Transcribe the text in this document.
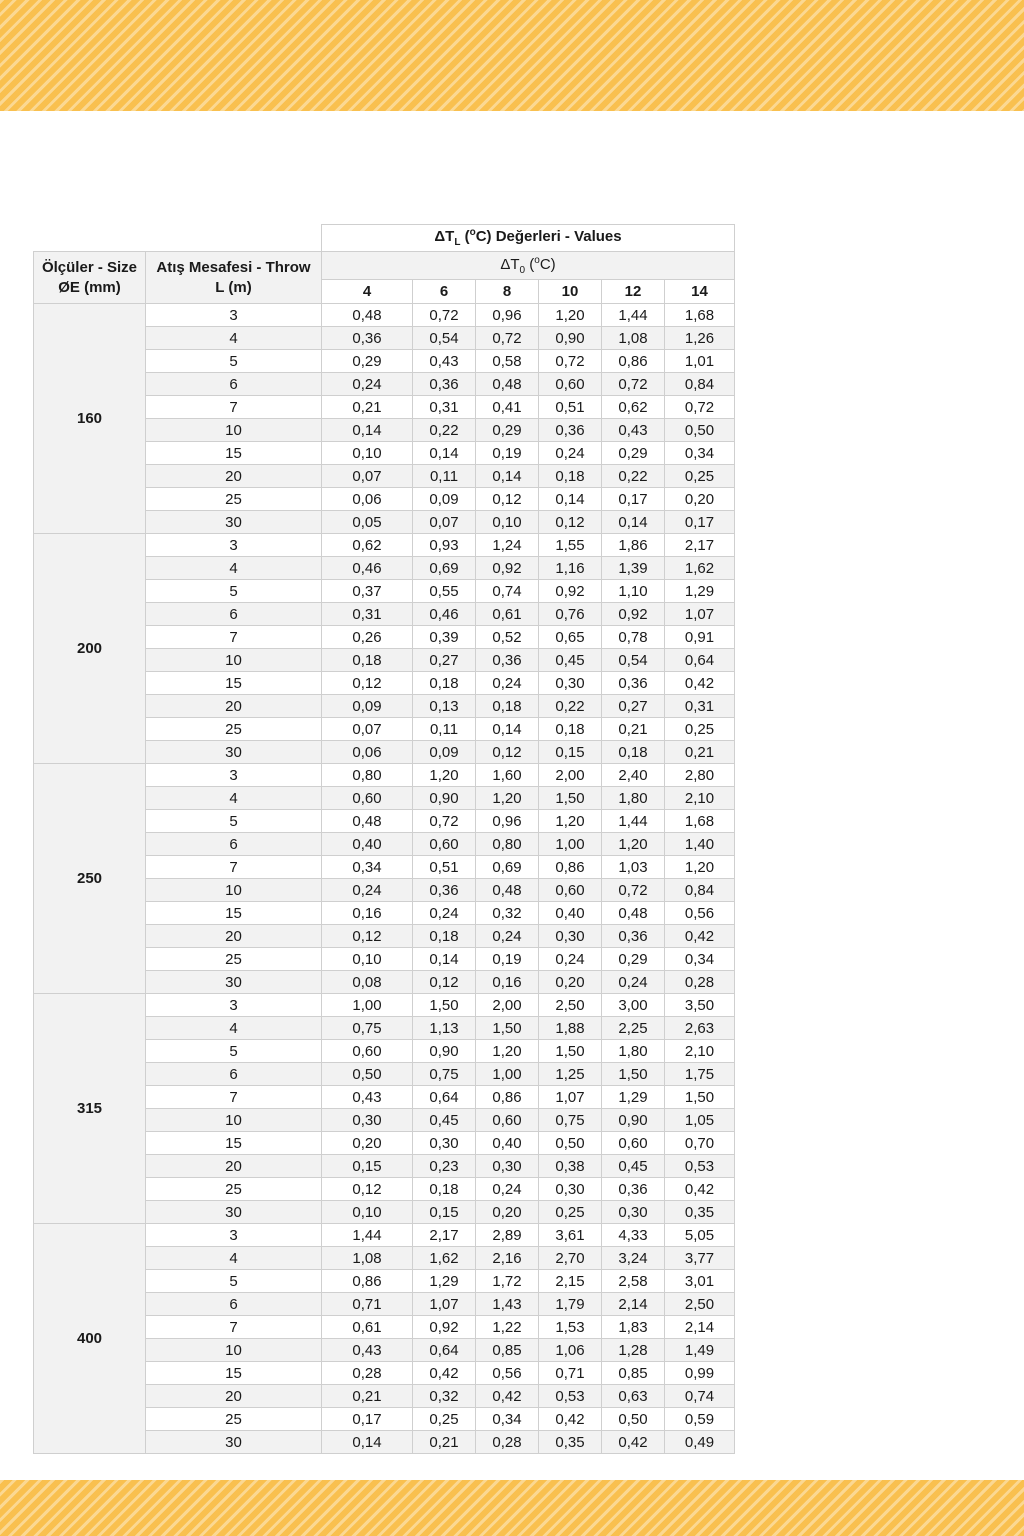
		$\Delta T_L$ ($^o$C) Değerleri - Values					

Ölçüler - Size
ØE (mm)	Atış Mesafesi - Throw
L (m)	$\Delta T_0$ ($^o$C)					
		4	6	8	10	12	14
160	3	0,48	0,72	0,96	1,20	1,44	1,68
	4	0,36	0,54	0,72	0,90	1,08	1,26
	5	0,29	0,43	0,58	0,72	0,86	1,01
	6	0,24	0,36	0,48	0,60	0,72	0,84
	7	0,21	0,31	0,41	0,51	0,62	0,72
	10	0,14	0,22	0,29	0,36	0,43	0,50
	15	0,10	0,14	0,19	0,24	0,29	0,34
	20	0,07	0,11	0,14	0,18	0,22	0,25
	25	0,06	0,09	0,12	0,14	0,17	0,20
	30	0,05	0,07	0,10	0,12	0,14	0,17
200	3	0,62	0,93	1,24	1,55	1,86	2,17
	4	0,46	0,69	0,92	1,16	1,39	1,62
	5	0,37	0,55	0,74	0,92	1,10	1,29
	6	0,31	0,46	0,61	0,76	0,92	1,07
	7	0,26	0,39	0,52	0,65	0,78	0,91
	10	0,18	0,27	0,36	0,45	0,54	0,64
	15	0,12	0,18	0,24	0,30	0,36	0,42
	20	0,09	0,13	0,18	0,22	0,27	0,31
	25	0,07	0,11	0,14	0,18	0,21	0,25
	30	0,06	0,09	0,12	0,15	0,18	0,21
250	3	0,80	1,20	1,60	2,00	2,40	2,80
	4	0,60	0,90	1,20	1,50	1,80	2,10
	5	0,48	0,72	0,96	1,20	1,44	1,68
	6	0,40	0,60	0,80	1,00	1,20	1,40
	7	0,34	0,51	0,69	0,86	1,03	1,20
	10	0,24	0,36	0,48	0,60	0,72	0,84
	15	0,16	0,24	0,32	0,40	0,48	0,56
	20	0,12	0,18	0,24	0,30	0,36	0,42
	25	0,10	0,14	0,19	0,24	0,29	0,34
	30	0,08	0,12	0,16	0,20	0,24	0,28
315	3	1,00	1,50	2,00	2,50	3,00	3,50
	4	0,75	1,13	1,50	1,88	2,25	2,63
	5	0,60	0,90	1,20	1,50	1,80	2,10
	6	0,50	0,75	1,00	1,25	1,50	1,75
	7	0,43	0,64	0,86	1,07	1,29	1,50
	10	0,30	0,45	0,60	0,75	0,90	1,05
	15	0,20	0,30	0,40	0,50	0,60	0,70
	20	0,15	0,23	0,30	0,38	0,45	0,53
	25	0,12	0,18	0,24	0,30	0,36	0,42
	30	0,10	0,15	0,20	0,25	0,30	0,35
400	3	1,44	2,17	2,89	3,61	4,33	5,05
	4	1,08	1,62	2,16	2,70	3,24	3,77
	5	0,86	1,29	1,72	2,15	2,58	3,01
	6	0,71	1,07	1,43	1,79	2,14	2,50
	7	0,61	0,92	1,22	1,53	1,83	2,14
	10	0,43	0,64	0,85	1,06	1,28	1,49
	15	0,28	0,42	0,56	0,71	0,85	0,99
	20	0,21	0,32	0,42	0,53	0,63	0,74
	25	0,17	0,25	0,34	0,42	0,50	0,59
	30	0,14	0,21	0,28	0,35	0,42	0,49
